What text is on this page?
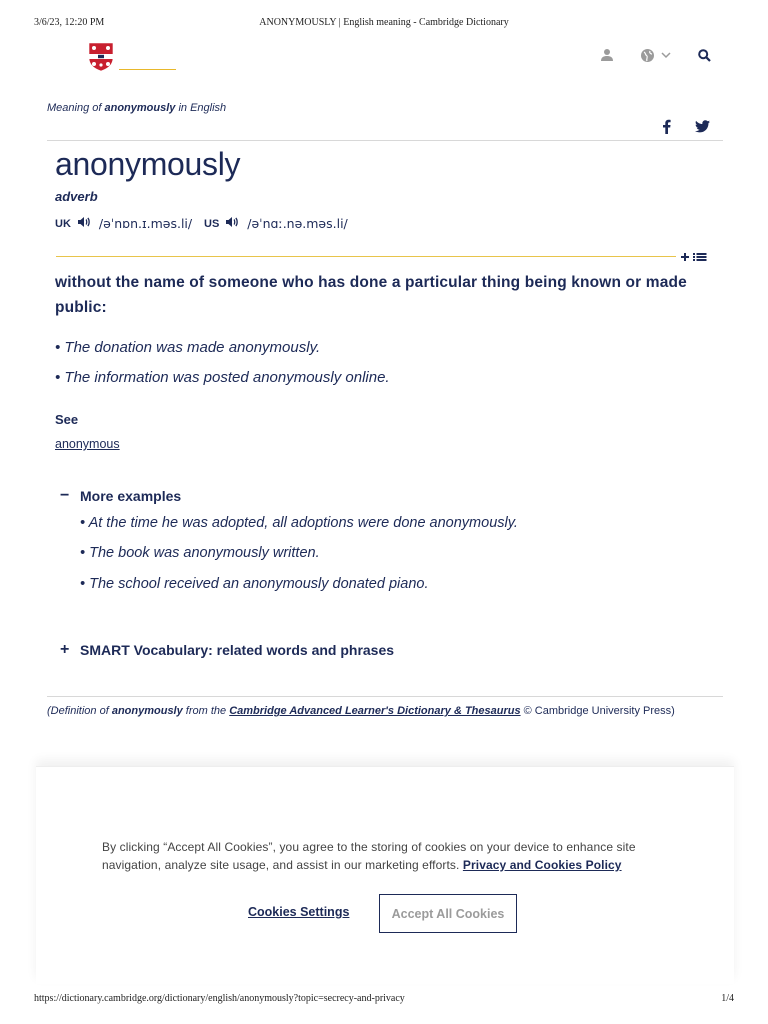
3/6/23, 12:20 PM	ANONYMOUSLY | English meaning - Cambridge Dictionary
Meaning of anonymously in English
anonymously
adverb
UK /əˈnɒn.ɪ.məs.li/ US /əˈnɑː.nə.məs.li/
without the name of someone who has done a particular thing being known or made public:
• The donation was made anonymously.
• The information was posted anonymously online.
See
anonymous
− More examples
• At the time he was adopted, all adoptions were done anonymously.
• The book was anonymously written.
• The school received an anonymously donated piano.
+ SMART Vocabulary: related words and phrases
(Definition of anonymously from the Cambridge Advanced Learner's Dictionary & Thesaurus © Cambridge University Press)
By clicking “Accept All Cookies”, you agree to the storing of cookies on your device to enhance site navigation, analyze site usage, and assist in our marketing efforts. Privacy and Cookies Policy
Cookies Settings	Accept All Cookies
https://dictionary.cambridge.org/dictionary/english/anonymously?topic=secrecy-and-privacy	1/4
